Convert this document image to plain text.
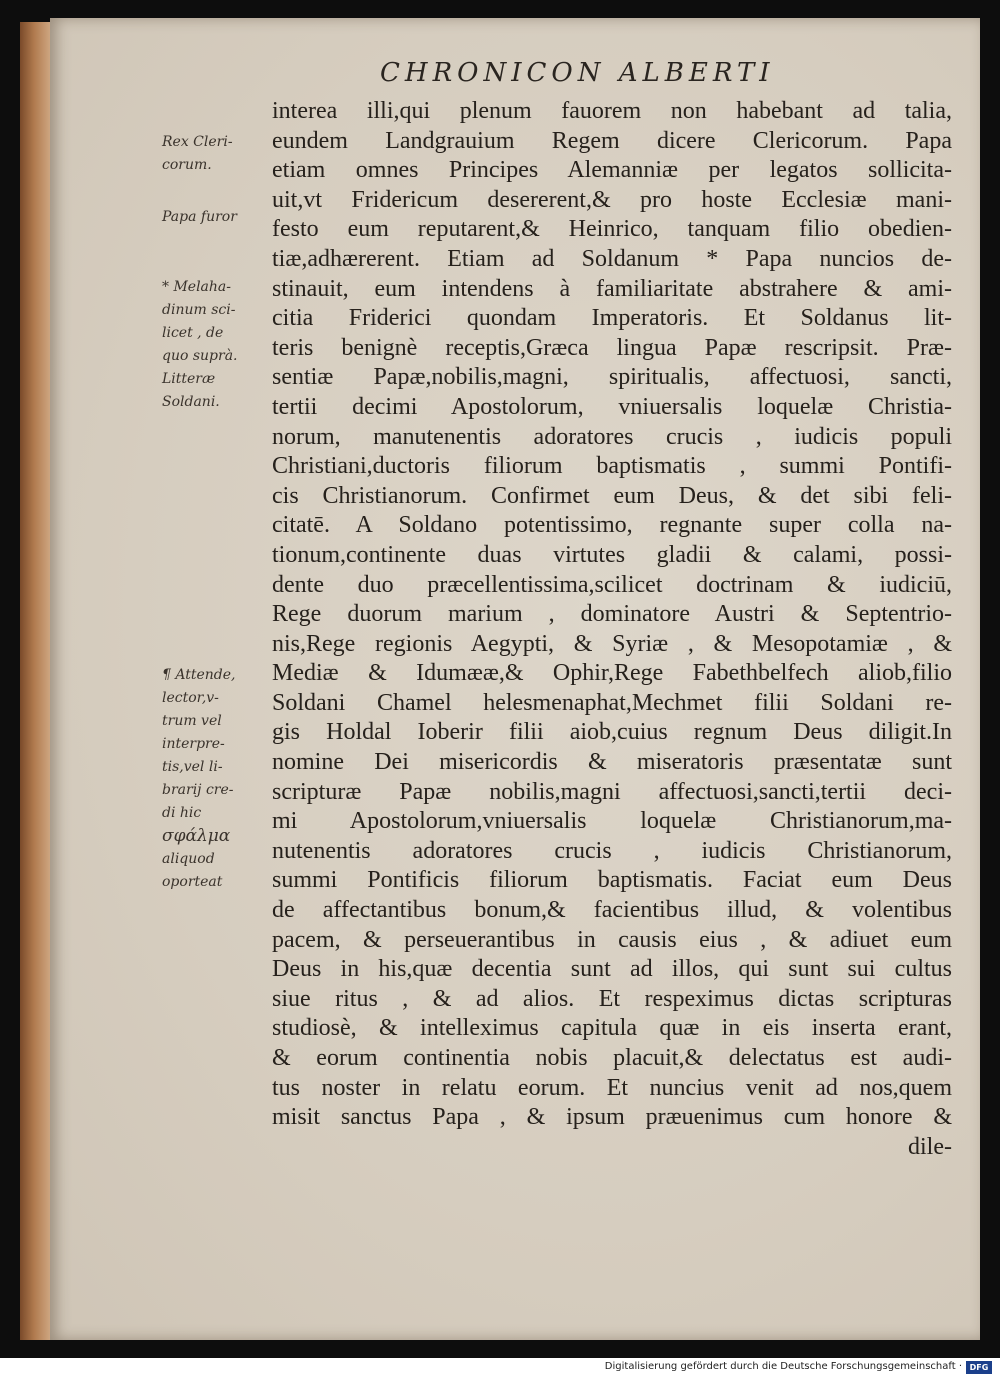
CHRONICON ALBERTI
Rex Cleri-
corum.
Papa furor
* Melaha-
dinum sci-
licet , de
quo suprà.
Litteræ
Soldani.
¶ Attende,
lector,v-
trum vel
interpre-
tis,vel li-
brarij cre-
di hic
σφάλμα
aliquod
oporteat
interea illi,qui plenum fauorem non habebant ad talia,
eundem Landgrauium Regem dicere Clericorum. Papa
etiam omnes Principes Alemanniæ per legatos sollicita-
uit,vt Fridericum desererent,& pro hoste Ecclesiæ mani-
festo eum reputarent,& Heinrico, tanquam filio obedien-
tiæ,adhærerent. Etiam ad Soldanum * Papa nuncios de-
stinauit, eum intendens à familiaritate abstrahere & ami-
citia Friderici quondam Imperatoris. Et Soldanus lit-
teris benignè receptis,Græca lingua Papæ rescripsit. Præ-
sentiæ Papæ,nobilis,magni, spiritualis, affectuosi, sancti,
tertii decimi Apostolorum, vniuersalis loquelæ Christia-
norum, manutenentis adoratores crucis , iudicis populi
Christiani,ductoris filiorum baptismatis , summi Pontifi-
cis Christianorum. Confirmet eum Deus, & det sibi feli-
citatē. A Soldano potentissimo, regnante super colla na-
tionum,continente duas virtutes gladii & calami, possi-
dente duo præcellentissima,scilicet doctrinam & iudiciū,
Rege duorum marium , dominatore Austri & Septentrio-
nis,Rege regionis Aegypti, & Syriæ , & Mesopotamiæ , &
Mediæ & Idumææ,& Ophir,Rege Fabethbelfech aliob,filio
Soldani Chamel helesmenaphat,Mechmet filii Soldani re-
gis Holdal Ioberir filii aiob,cuius regnum Deus diligit.In
nomine Dei misericordis & miseratoris præsentatæ sunt
scripturæ Papæ nobilis,magni affectuosi,sancti,tertii deci-
mi Apostolorum,vniuersalis loquelæ Christianorum,ma-
nutenentis adoratores crucis , iudicis Christianorum,
summi Pontificis filiorum baptismatis. Faciat eum Deus
de affectantibus bonum,& facientibus illud, & volentibus
pacem, & perseuerantibus in causis eius , & adiuet eum
Deus in his,quæ decentia sunt ad illos, qui sunt sui cultus
siue ritus , & ad alios. Et respeximus dictas scripturas
studiosè, & intelleximus capitula quæ in eis inserta erant,
& eorum continentia nobis placuit,& delectatus est audi-
tus noster in relatu eorum. Et nuncius venit ad nos,quem
misit sanctus Papa , & ipsum præuenimus cum honore &
dile-
Digitalisierung gefördert durch die Deutsche Forschungsgemeinschaft · DFG
